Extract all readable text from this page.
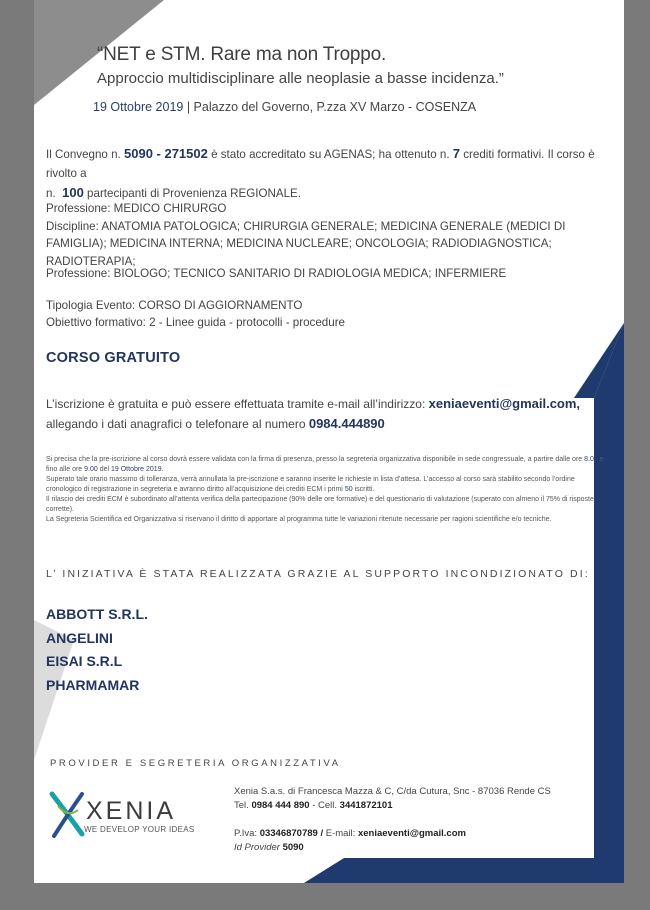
“NET e STM. Rare ma non Troppo.
Approccio multidisciplinare alle neoplasie a basse incidenza.”
19 Ottobre 2019 | Palazzo del Governo, P.zza XV Marzo - COSENZA
Il Convegno n. 5090 - 271502 è stato accreditato su AGENAS; ha ottenuto n. 7 crediti formativi. Il corso è rivolto a
n.  100 partecipanti di Provenienza REGIONALE.
Professione: MEDICO CHIRURGO
Discipline: ANATOMIA PATOLOGICA; CHIRURGIA GENERALE; MEDICINA GENERALE (MEDICI DI FAMIGLIA); MEDICINA INTERNA; MEDICINA NUCLEARE; ONCOLOGIA; RADIODIAGNOSTICA; RADIOTERAPIA;
Professione: BIOLOGO; TECNICO SANITARIO DI RADIOLOGIA MEDICA; INFERMIERE
Tipologia Evento: CORSO DI AGGIORNAMENTO
Obiettivo formativo: 2 - Linee guida - protocolli - procedure
CORSO GRATUITO
L’iscrizione è gratuita e può essere effettuata tramite e-mail all’indirizzo: xeniaeventi@gmail.com,
allegando i dati anagrafici o telefonare al numero 0984.444890
Si precisa che la pre-iscrizione al corso dovrà essere validata con la firma di presenza, presso la segreteria organizzativa disponibile in sede congressuale, a partire dalle ore 8.00 e fino alle ore 9.00 del 19 Ottobre 2019.
Superato tale orario massimo di tolleranza, verrà annullata la pre-iscrizione e saranno inserite le richieste in lista d’attesa. L’accesso al corso sarà stabilito secondo l’ordine cronologico di registrazione in segreteria e avranno diritto all’acquisizione dei crediti ECM i primi 50 iscritti.
Il rilascio dei crediti ECM è subordinato all’attenta verifica della partecipazione (90% delle ore formative) e del questionario di valutazione (superato con almeno il 75% di risposte corrette).
La Segreteria Scientifica ed Organizzativa si riservano il diritto di apportare al programma tutte le variazioni ritenute necessarie per ragioni scientifiche e/o tecniche.
L’ INIZIATIVA È STATA REALIZZATA GRAZIE AL SUPPORTO INCONDIZIONATO DI:
ABBOTT S.R.L.
ANGELINI
EISAI S.R.L
PHARMAMAR
PROVIDER E SEGRETERIA ORGANIZZATIVA
XENIA
WE DEVELOP YOUR IDEAS
Xenia S.a.s. di Francesca Mazza & C, C/da Cutura, Snc - 87036 Rende CS
Tel. 0984 444 890 - Cell. 3441872101
P.Iva: 03346870789 / E-mail: xeniaeventi@gmail.com
Id Provider 5090
